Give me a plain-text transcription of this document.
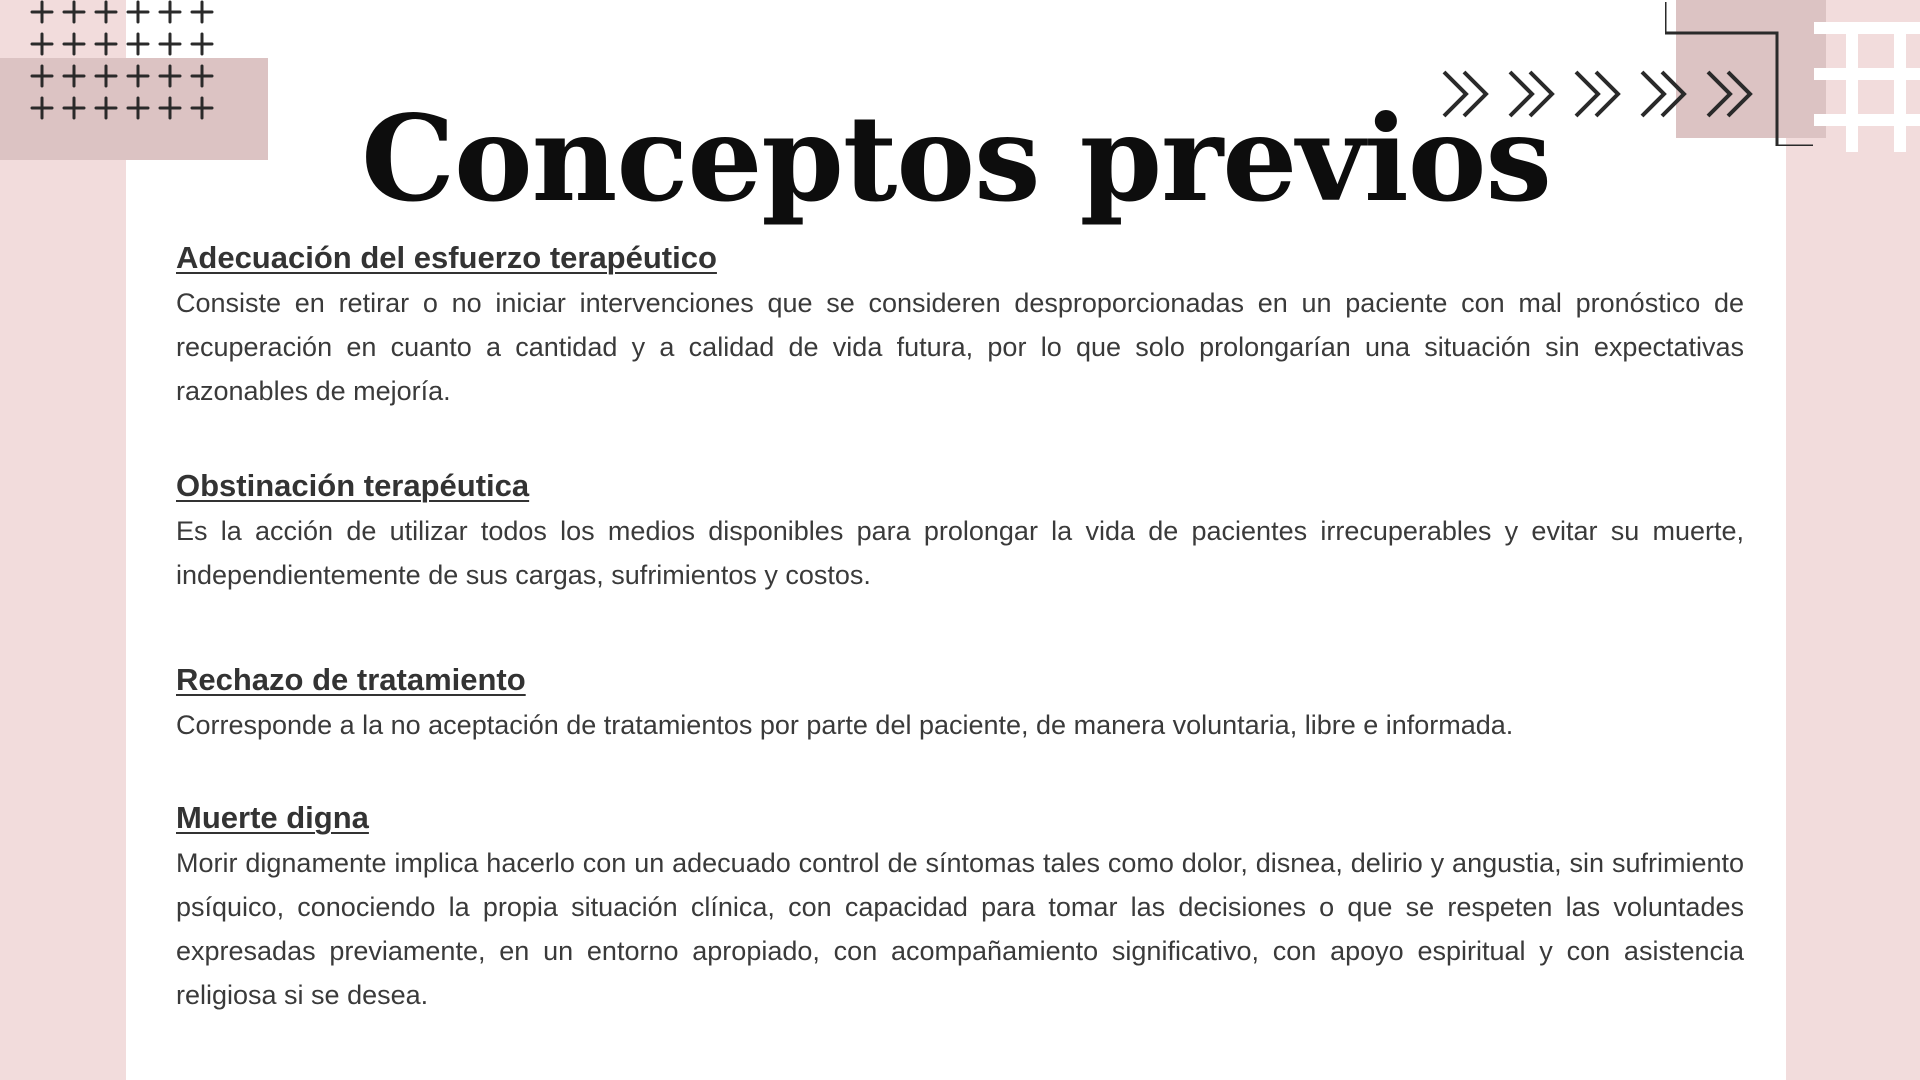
Conceptos previos
Adecuación del esfuerzo terapéutico

Consiste en retirar o no iniciar intervenciones que se consideren desproporcionadas en un paciente con mal pronóstico de recuperación en cuanto a cantidad y a calidad de vida futura, por lo que solo prolongarían una situación sin expectativas razonables de mejoría.

Obstinación terapéutica

Es la acción de utilizar todos los medios disponibles para prolongar la vida de pacientes irrecuperables y evitar su muerte, independientemente de sus cargas, sufrimientos y costos.

Rechazo de tratamiento

Corresponde a la no aceptación de tratamientos por parte del paciente, de manera voluntaria, libre e informada.

Muerte digna

Morir dignamente implica hacerlo con un adecuado control de síntomas tales como dolor, disnea, delirio y angustia, sin sufrimiento psíquico, conociendo la propia situación clínica, con capacidad para tomar las decisiones o que se respeten las voluntades expresadas previamente, en un entorno apropiado, con acompañamiento significativo, con apoyo espiritual y con asistencia religiosa si se desea.
